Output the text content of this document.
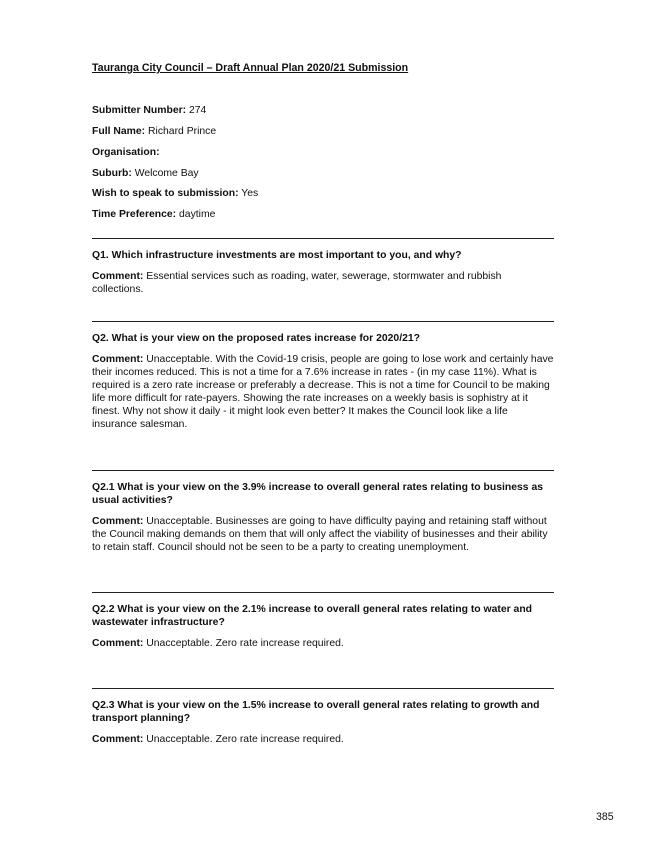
Tauranga City Council – Draft Annual Plan 2020/21 Submission
Submitter Number: 274
Full Name: Richard Prince
Organisation:
Suburb: Welcome Bay
Wish to speak to submission: Yes
Time Preference: daytime
Q1. Which infrastructure investments are most important to you, and why?
Comment: Essential services such as roading, water, sewerage, stormwater and rubbish collections.
Q2. What is your view on the proposed rates increase for 2020/21?
Comment: Unacceptable. With the Covid-19 crisis, people are going to lose work and certainly have their incomes reduced. This is not a time for a 7.6% increase in rates - (in my case 11%). What is required is a zero rate increase or preferably a decrease. This is not a time for Council to be making life more difficult for rate-payers. Showing the rate increases on a weekly basis is sophistry at it finest. Why not show it daily - it might look even better? It makes the Council look like a life insurance salesman.
Q2.1 What is your view on the 3.9% increase to overall general rates relating to business as usual activities?
Comment: Unacceptable. Businesses are going to have difficulty paying and retaining staff without the Council making demands on them that will only affect the viability of businesses and their ability to retain staff. Council should not be seen to be a party to creating unemployment.
Q2.2 What is your view on the 2.1% increase to overall general rates relating to water and wastewater infrastructure?
Comment: Unacceptable. Zero rate increase required.
Q2.3 What is your view on the 1.5% increase to overall general rates relating to growth and transport planning?
Comment: Unacceptable. Zero rate increase required.
385
